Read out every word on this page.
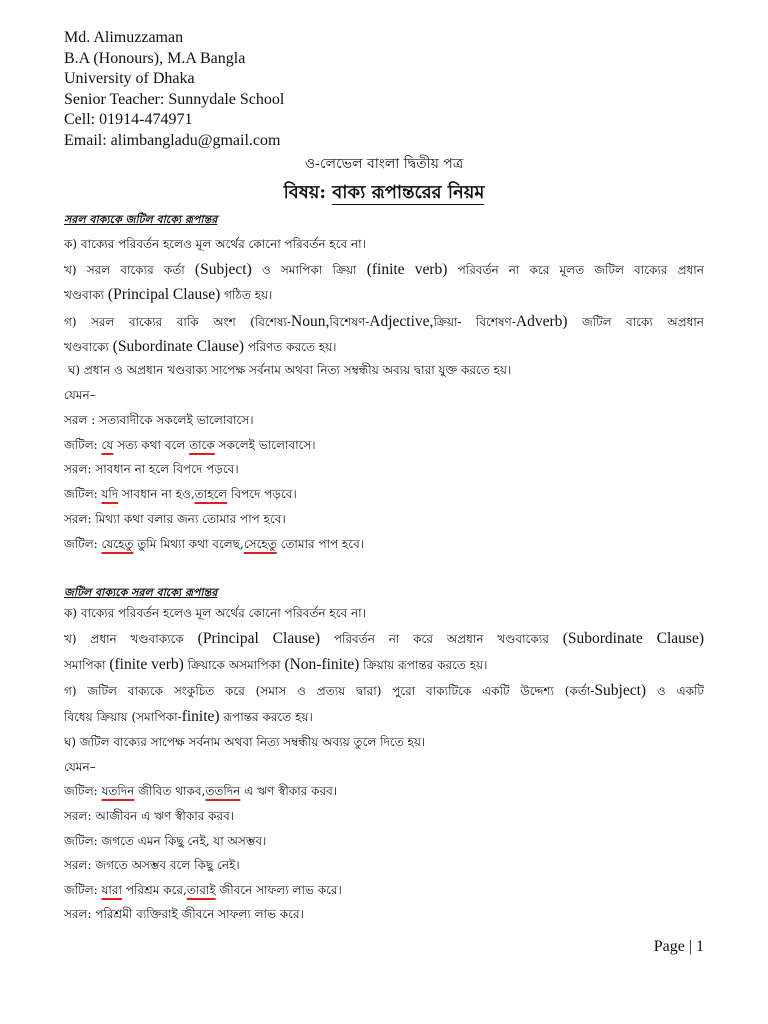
Md. Alimuzzaman
B.A (Honours), M.A Bangla
University of Dhaka
Senior Teacher: Sunnydale School
Cell: 01914-474971
Email: alimbangladu@gmail.com
ও-লেভেল বাংলা দ্বিতীয় পত্র
বিষয়: বাক্য রূপান্তরের নিয়ম
সরল বাক্যকে জটিল বাক্যে রূপান্তর
ক) বাক্যের পরিবর্তন হলেও মূল অর্থের কোনো পরিবর্তন হবে না।
খ) সরল বাক্যের কর্তা (Subject) ও সমাপিকা ক্রিয়া (finite verb) পরিবর্তন না করে মূলত জটিল বাক্যের প্রধান
খণ্ডবাক্য (Principal Clause) গঠিত হয়।
গ) সরল বাক্যের বাকি অংশ (বিশেষ্য-Noun,বিশেষণ-Adjective,ক্রিয়া- বিশেষণ-Adverb) জটিল বাক্যে অপ্রধান
খণ্ডবাক্যে (Subordinate Clause) পরিণত করতে হয়।
ঘ) প্রধান ও অপ্রধান খণ্ডবাক্য সাপেক্ষ সর্বনাম অথবা নিত্য সম্বন্ধীয় অব্যয় দ্বারা যুক্ত করতে হয়।
যেমন–
সরল : সত্যবাদীকে সকলেই ভালোবাসে।
জটিল: যে সত্য কথা বলে তাকে সকলেই ভালোবাসে।
সরল: সাবধান না হলে বিপদে পড়বে।
জটিল: যদি সাবধান না হও,তাহলে বিপদে পড়বে।
সরল: মিথ্যা কথা বলার জন্য তোমার পাপ হবে।
জটিল: যেহেতু তুমি মিথ্যা কথা বলেছ,সেহেতু তোমার পাপ হবে।
জটিল বাক্যকে সরল বাক্যে রূপান্তর
ক) বাক্যের পরিবর্তন হলেও মূল অর্থের কোনো পরিবর্তন হবে না।
খ) প্রধান খণ্ডবাক্যকে (Principal Clause) পরিবর্তন না করে অপ্রধান খণ্ডবাক্যের (Subordinate Clause)
সমাপিকা (finite verb) ক্রিয়াকে অসমাপিকা (Non-finite) ক্রিয়ায় রূপান্তর করতে হয়।
গ) জটিল বাক্যকে সংকুচিত করে (সমাস ও প্রত্যয় দ্বারা) পুরো বাক্যটিকে একটি উদ্দেশ্য (কর্তা-Subject) ও একটি
বিধেয় ক্রিয়ায় (সমাপিকা-finite) রূপান্তর করতে হয়।
ঘ) জটিল বাক্যের সাপেক্ষ সর্বনাম অথবা নিত্য সম্বন্ধীয় অব্যয় তুলে দিতে হয়।
যেমন–
জটিল: যতদিন জীবিত থাকব,ততদিন এ ঋণ স্বীকার করব।
সরল: আজীবন এ ঋণ স্বীকার করব।
জটিল: জগতে এমন কিছু নেই, যা অসম্ভব।
সরল: জগতে অসম্ভব বলে কিছু নেই।
জটিল: যারা পরিশ্রম করে,তারাই জীবনে সাফল্য লাভ করে।
সরল: পরিশ্রমী ব্যক্তিরাই জীবনে সাফল্য লাভ করে।
Page | 1
